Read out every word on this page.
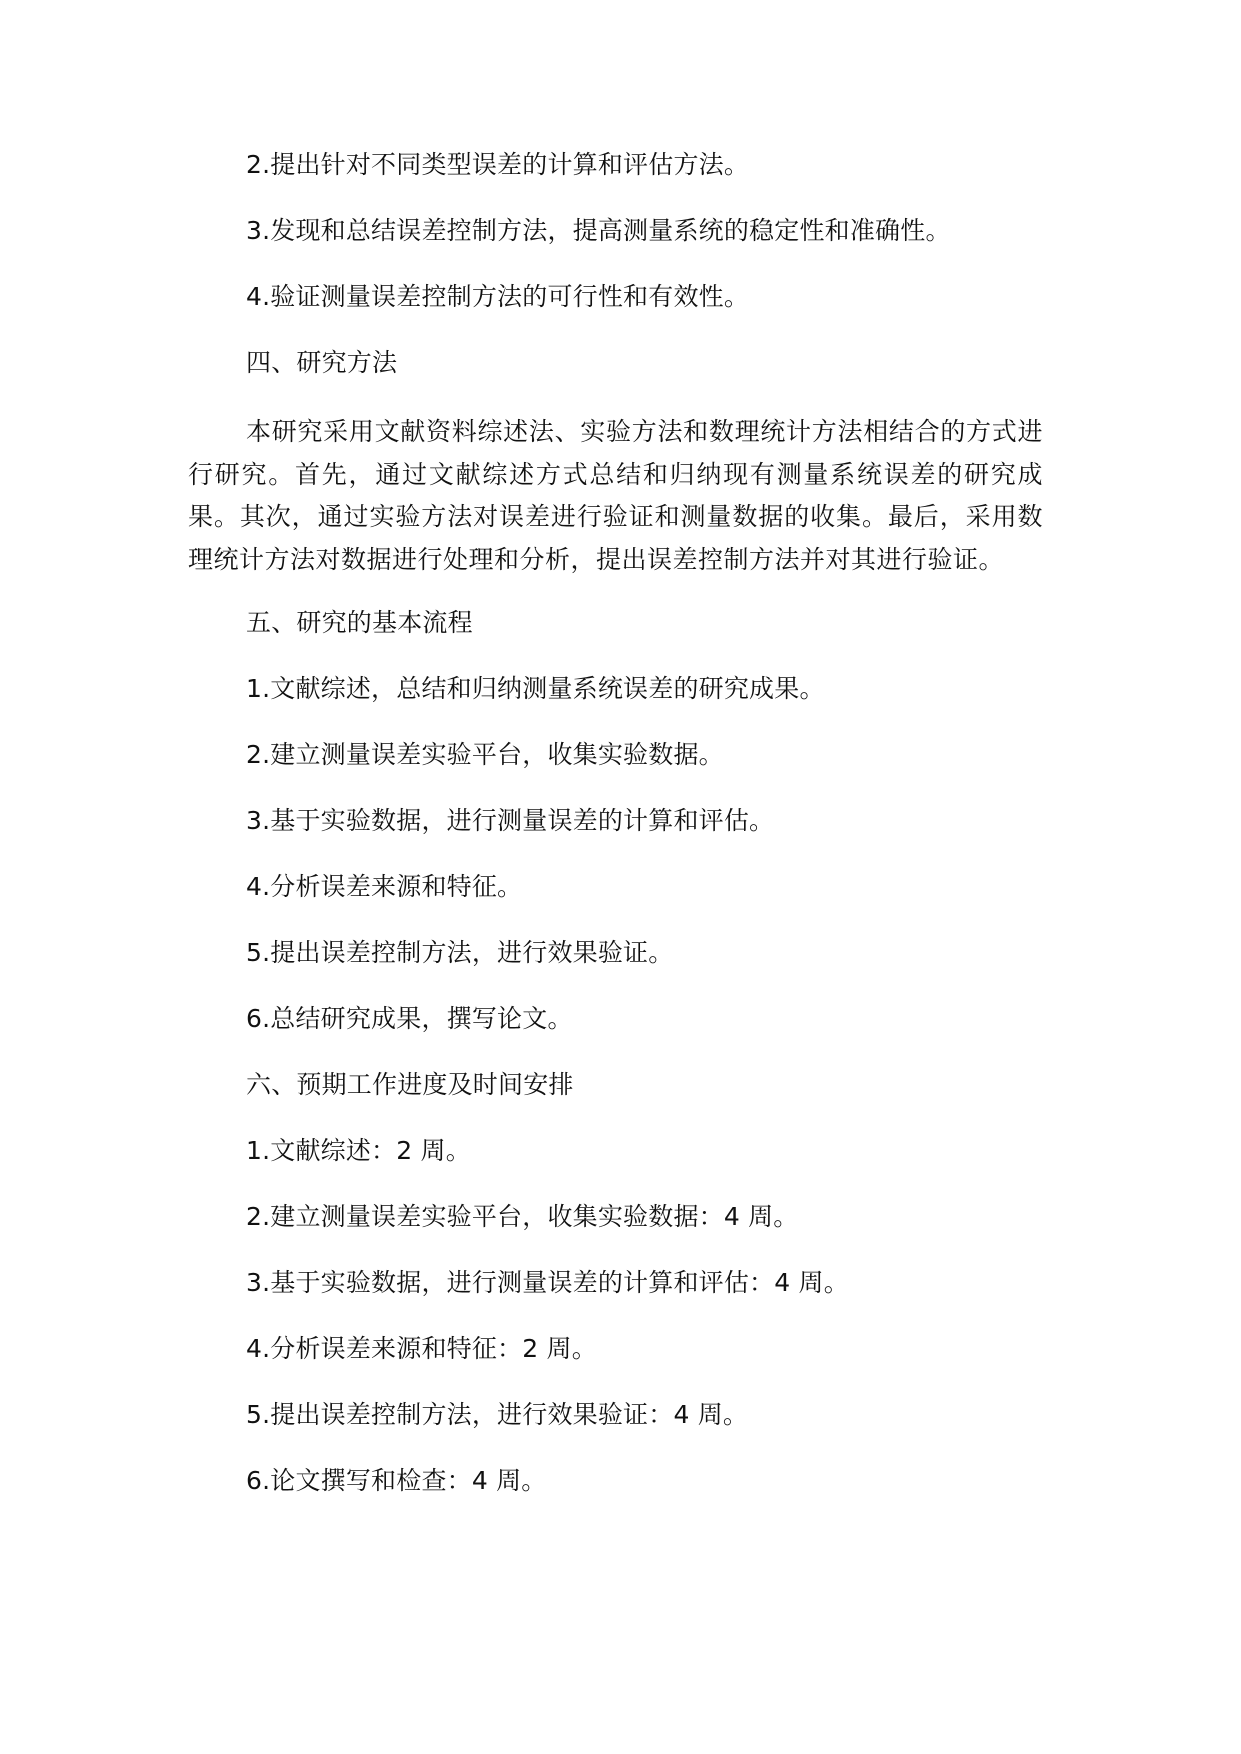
2.提出针对不同类型误差的计算和评估方法。
3.发现和总结误差控制方法，提高测量系统的稳定性和准确性。
4.验证测量误差控制方法的可行性和有效性。
四、研究方法
本研究采用文献资料综述法、实验方法和数理统计方法相结合的方式进行研究。首先，通过文献综述方式总结和归纳现有测量系统误差的研究成果。其次，通过实验方法对误差进行验证和测量数据的收集。最后，采用数理统计方法对数据进行处理和分析，提出误差控制方法并对其进行验证。
五、研究的基本流程
1.文献综述，总结和归纳测量系统误差的研究成果。
2.建立测量误差实验平台，收集实验数据。
3.基于实验数据，进行测量误差的计算和评估。
4.分析误差来源和特征。
5.提出误差控制方法，进行效果验证。
6.总结研究成果，撰写论文。
六、预期工作进度及时间安排
1.文献综述：2 周。
2.建立测量误差实验平台，收集实验数据：4 周。
3.基于实验数据，进行测量误差的计算和评估：4 周。
4.分析误差来源和特征：2 周。
5.提出误差控制方法，进行效果验证：4 周。
6.论文撰写和检查：4 周。
